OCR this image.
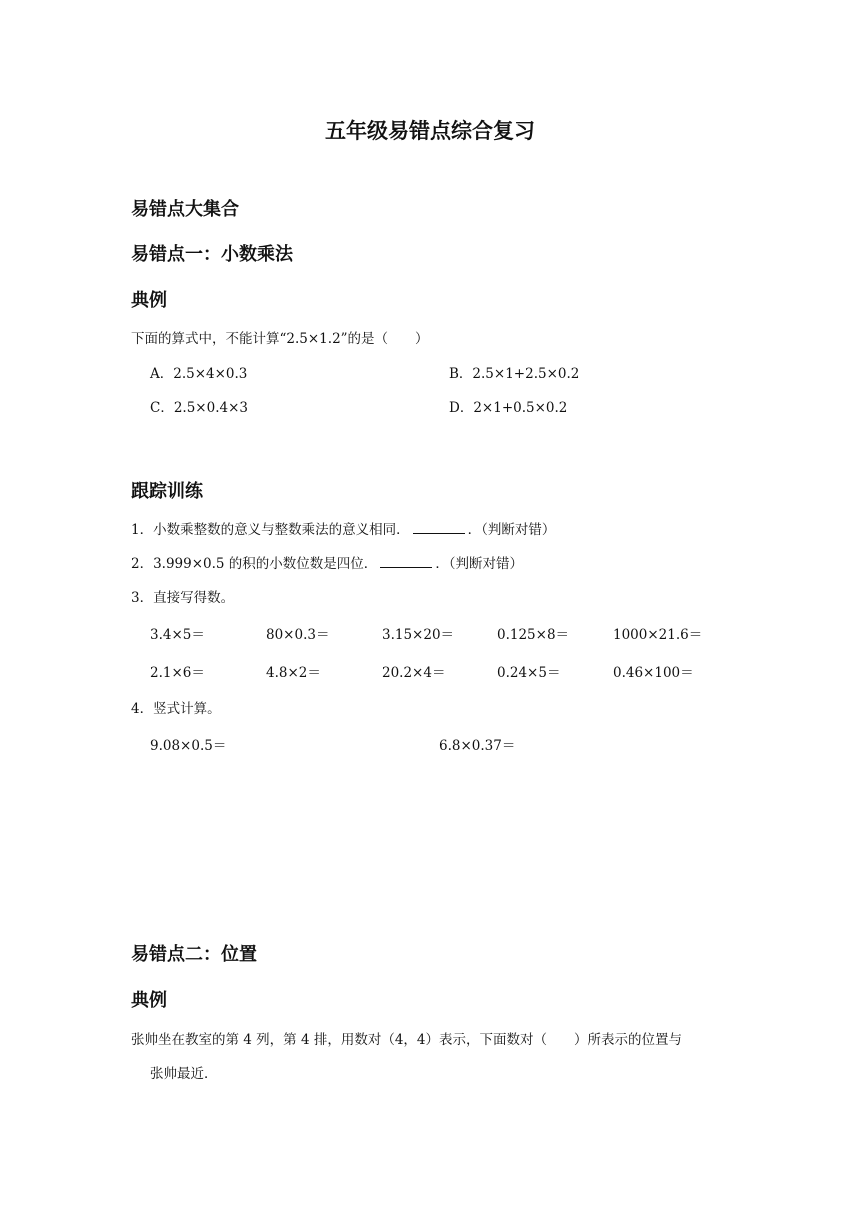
五年级易错点综合复习
易错点大集合
易错点一：小数乘法
典例
下面的算式中，不能计算“2.5×1.2”的是（　　）
A．2.5×4×0.3	B．2.5×1+2.5×0.2
C．2.5×0.4×3	D．2×1+0.5×0.2
跟踪训练
1．小数乘整数的意义与整数乘法的意义相同．	．（判断对错）
2．3.999×0.5 的积的小数位数是四位．	．（判断对错）
3．直接写得数。
3.4×5＝	80×0.3＝	3.15×20＝	0.125×8＝	1000×21.6＝
2.1×6＝	4.8×2＝	20.2×4＝	0.24×5＝	0.46×100＝
4．竖式计算。
9.08×0.5＝	6.8×0.37＝
易错点二：位置
典例
张帅坐在教室的第 4 列，第 4 排，用数对（4，4）表示，下面数对（　　）所表示的位置与
张帅最近．
